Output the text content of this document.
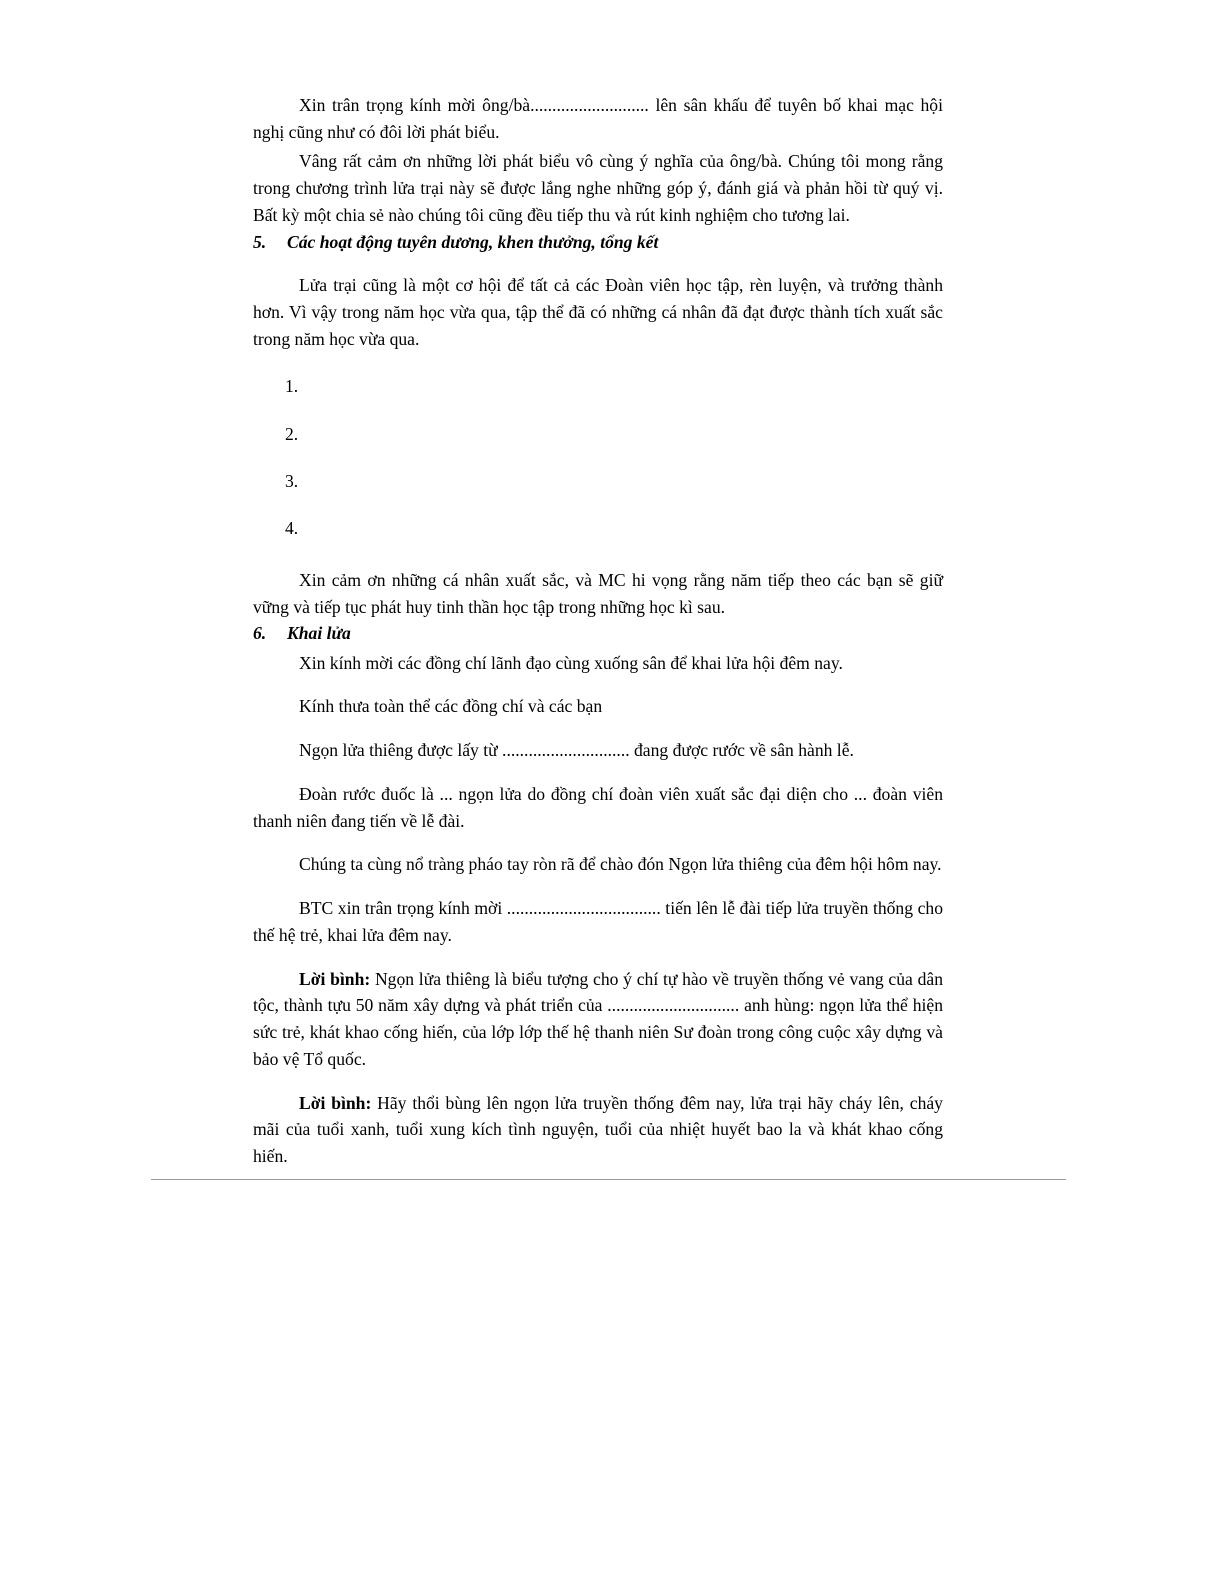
Xin trân trọng kính mời ông/bà........................... lên sân khấu để tuyên bố khai mạc hội nghị cũng như có đôi lời phát biểu.

Vâng rất cảm ơn những lời phát biểu vô cùng ý nghĩa của ông/bà. Chúng tôi mong rằng trong chương trình lửa trại này sẽ được lắng nghe những góp ý, đánh giá và phản hồi từ quý vị. Bất kỳ một chia sẻ nào chúng tôi cũng đều tiếp thu và rút kinh nghiệm cho tương lai.

5.	Các hoạt động tuyên dương, khen thưởng, tổng kết

Lửa trại cũng là một cơ hội để tất cả các Đoàn viên học tập, rèn luyện, và trưởng thành hơn. Vì vậy trong năm học vừa qua, tập thể đã có những cá nhân đã đạt được thành tích xuất sắc trong năm học vừa qua.

1.
2.
3.
4.

Xin cảm ơn những cá nhân xuất sắc, và MC hi vọng rằng năm tiếp theo các bạn sẽ giữ vững và tiếp tục phát huy tinh thần học tập trong những học kì sau.

6.	Khai lửa

Xin kính mời các đồng chí lãnh đạo cùng xuống sân để khai lửa hội đêm nay.

Kính thưa toàn thể các đồng chí và các bạn

Ngọn lửa thiêng được lấy từ ............................. đang được rước về sân hành lễ.

Đoàn rước đuốc là ... ngọn lửa do đồng chí đoàn viên xuất sắc đại diện cho ... đoàn viên thanh niên đang tiến về lễ đài.

Chúng ta cùng nổ tràng pháo tay ròn rã để chào đón Ngọn lửa thiêng của đêm hội hôm nay.

BTC xin trân trọng kính mời ................................... tiến lên lễ đài tiếp lửa truyền thống cho thế hệ trẻ, khai lửa đêm nay.

Lời bình: Ngọn lửa thiêng là biểu tượng cho ý chí tự hào về truyền thống vẻ vang của dân tộc, thành tựu 50 năm xây dựng và phát triển của .............................. anh hùng: ngọn lửa thể hiện sức trẻ, khát khao cống hiến, của lớp lớp thế hệ thanh niên Sư đoàn trong công cuộc xây dựng và bảo vệ Tổ quốc.

Lời bình: Hãy thổi bùng lên ngọn lửa truyền thống đêm nay, lửa trại hãy cháy lên, cháy mãi của tuổi xanh, tuổi xung kích tình nguyện, tuổi của nhiệt huyết bao la và khát khao cống hiến.
